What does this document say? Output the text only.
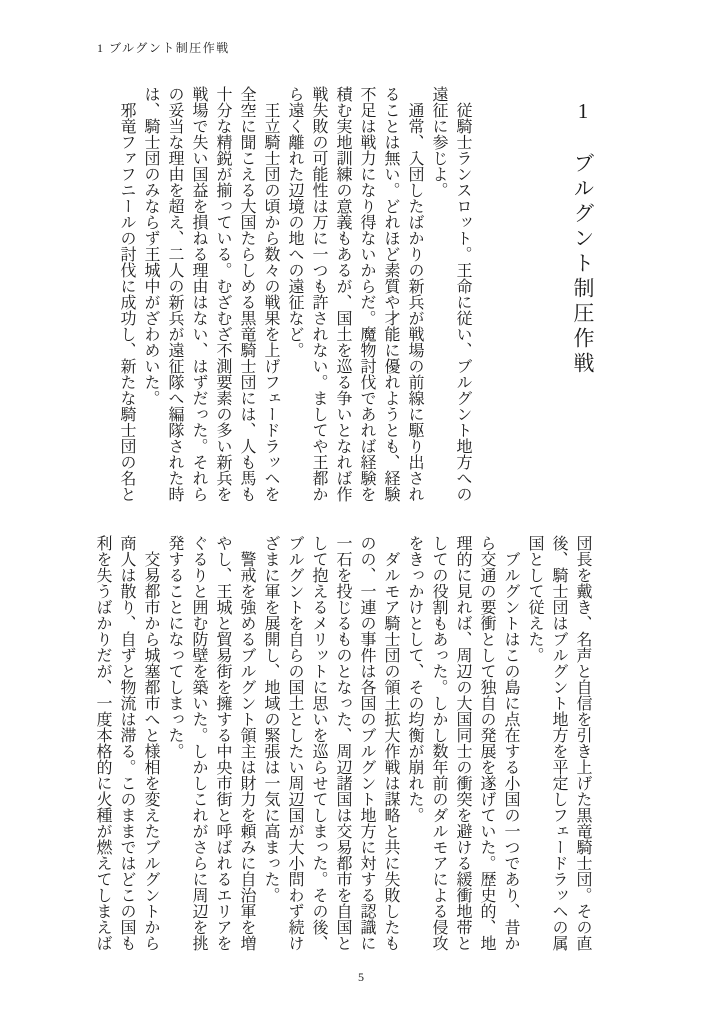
1 ブルグント制圧作戦
1　ブルグント制圧作戦

　従騎士ランスロット。王命に従い、ブルグント地方への遠征に参じよ。

　通常、入団したばかりの新兵が戦場の前線に駆り出されることは無い。どれほど素質や才能に優れようとも、経験不足は戦力になり得ないからだ。魔物討伐であれば経験を積む実地訓練の意義もあるが、国土を巡る争いとなれば作戦失敗の可能性は万に一つも許されない。ましてや王都から遠く離れた辺境の地への遠征など。

　王立騎士団の頃から数々の戦果を上げフェードラッヘを全空に聞こえる大国たらしめる黒竜騎士団には、人も馬も十分な精鋭が揃っている。むざむざ不測要素の多い新兵を戦場で失い国益を損ねる理由はない、はずだった。それらの妥当な理由を超え、二人の新兵が遠征隊へ編隊された時は、騎士団のみならず王城中がざわめいた。

　邪竜ファフニールの討伐に成功し、新たな騎士団の名と

団長を戴き、名声と自信を引き上げた黒竜騎士団。その直後、騎士団はブルグント地方を平定しフェードラッヘの属国として従えた。

　ブルグントはこの島に点在する小国の一つであり、昔から交通の要衝として独自の発展を遂げていた。歴史的、地理的に見れば、周辺の大国同士の衝突を避ける緩衝地帯としての役割もあった。しかし数年前のダルモアによる侵攻をきっかけとして、その均衡が崩れた。

　ダルモア騎士団の領土拡大作戦は謀略と共に失敗したものの、一連の事件は各国のブルグント地方に対する認識に一石を投じるものとなった、周辺諸国は交易都市を自国として抱えるメリットに思いを巡らせてしまった。その後、ブルグントを自らの国土としたい周辺国が大小問わず続けざまに軍を展開し、地域の緊張は一気に高まった。

　警戒を強めるブルグント領主は財力を頼みに自治軍を増やし、王城と貿易街を擁する中央市街と呼ばれるエリアをぐるりと囲む防壁を築いた。しかしこれがさらに周辺を挑発することになってしまった。

　交易都市から城塞都市へと様相を変えたブルグントから商人は散り、自ずと物流は滞る。このままではどこの国も利を失うばかりだが、一度本格的に火種が燃えてしまえば

5
